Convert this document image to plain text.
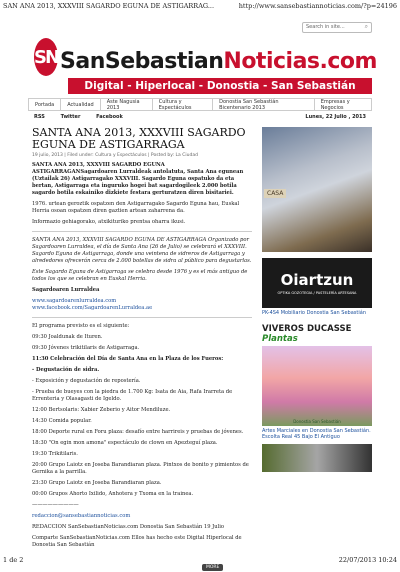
SAN ANA 2013, XXXVIII SAGARDO EGUNA DE ASTIGARRAG...	http://www.sansebastiannoticias.com/?p=24196
Search in site...	⌕
SN SanSebastianNoticias.com
Digital - Hiperlocal - Donostia - San Sebastián
Portada	Actualidad	Aste Nagusia 2013
Cultura y Espectáculos
Donostia San Sebastián Bicentenario 2013
Empresas y Negocios
RSS	Twitter	Facebook	Lunes, 22 Julio , 2013
SANTA ANA 2013, XXXVIII SAGARDO EGUNA DE ASTIGARRAGA
19 julio, 2013 | Filed under: Cultura y Espectáculos | Posted by: La Ciudad

SANTA ANA 2013, XXXVIII SAGARDO EGUNA ASTIGARRAGANSagardoaren Lurraldeak antolatuta, Santa Ana egunean (Uztailak 26) Astigarragako XXXVIII. Sagardo Eguna ospatuko da eta bertan, Astigarraga eta inguruko hogei bat sagardogileek 2.000 botila sagardo botila eskainiko dizkiete festara gerturatzen diren bisitariei.

1976. urtean geroztik ospatzen den Astigarragako Sagardo Eguna hau, Euskal Herria osoan ospatzen diren gaztien artean zaharrena da.

Informazio gehiagorako, atxikituriko prentsa oharra ikusi.

SANTA ANA 2013, XXXVIII SAGARDO EGUNA DE ASTIGARRAGA Organizado por Sagardoaren Lurraldea, el día de Santa Ana (26 de Julio) se celebrará el XXXVIII. Sagardo Eguna de Astigarraga, donde una veintena de sidreros de Astigarraga y alrededores ofrecerán cerca de 2.000 botellas de sidra al público para degustarlas.

Este Sagardo Eguna de Astigarraga se celebra desde 1976 y es el más antiguo de todos los que se celebran en Euskal Herria.

Sagardoaren Lurraldea

www.sagardoarenlurraldea.com
www.facebook.com/SagardoarenLurraldea.ae

El programa previsto es el siguiente:

09:30 Joaldunak de Ituren.

09:30 Jóvenes trikitilaris de Astigarraga.

11:30 Celebración del Día de Santa Ana en la Plaza de los Fueros:

- Degustación de sidra.

- Exposición y degustación de repostería.

- Prueba de bueyes con la piedra de 1.700 Kg: Isata de Aia, Rafa Irarreta de Errenteria y Olasagasti de Igeldo.

12:00 Bertsolaris: Xabier Zeberio y Aitor Mendiluze.

14:30 Comida popular.

18:00 Deporte rural en Foru plaza: desafío entre harrireis y pruebas de jóvenes.

18:30 "On egin mon amona" espectáculo de clown en Apezteguí plaza.

19:30 Trikitilaris.

20:00 Grupo Laiotz en Joseba Barandiaran plaza. Pintxos de bonito y pimientos de Gernika a la parrilla.

23:30 Grupo Laiotz en Joseba Barandiaran plaza.

00:00 Grupos Ahorto Ixilido, Anhotera y Txoma en la trainea.

—————————

redaccion@sansebastiannoticias.com

REDACCION SanSebastianNoticias.com Donostia San Sebastián 19 Julio

Comparte SanSebastianNoticias.com Ellos has hecho este Digital Hiperlocal de Donostia San Sebastián

MORE
CASA
Oiartzun
OPTIKA GOZOTEGIA / PASTELERÍA ARTESANA
PK-4S4 Mobiliario Donostia San Sebastián
VIVEROS DUCASSE Plantas
Donostia San Sebastián
Artes Marciales en Donostia San Sebastián. Escolta Real 45 Bajo El Antiguo
1 de 2	22/07/2013 10:24
